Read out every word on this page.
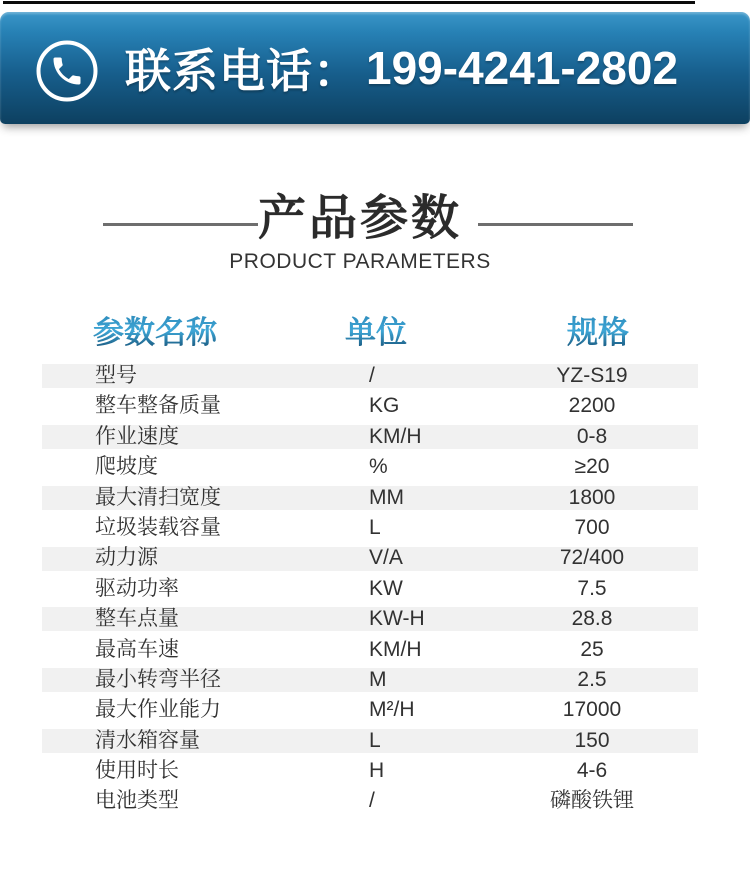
联系电话： 199-4241-2802
产品参数
PRODUCT PARAMETERS
参数名称	单位	规格
型号	/	YZ-S19
整车整备质量	KG	2200
作业速度	KM/H	0-8
爬坡度	%	≥20
最大清扫宽度	MM	1800
垃圾装载容量	L	700
动力源	V/A	72/400
驱动功率	KW	7.5
整车点量	KW-H	28.8
最高车速	KM/H	25
最小转弯半径	M	2.5
最大作业能力	M²/H	17000
清水箱容量	L	150
使用时长	H	4-6
电池类型	/	磷酸铁锂
